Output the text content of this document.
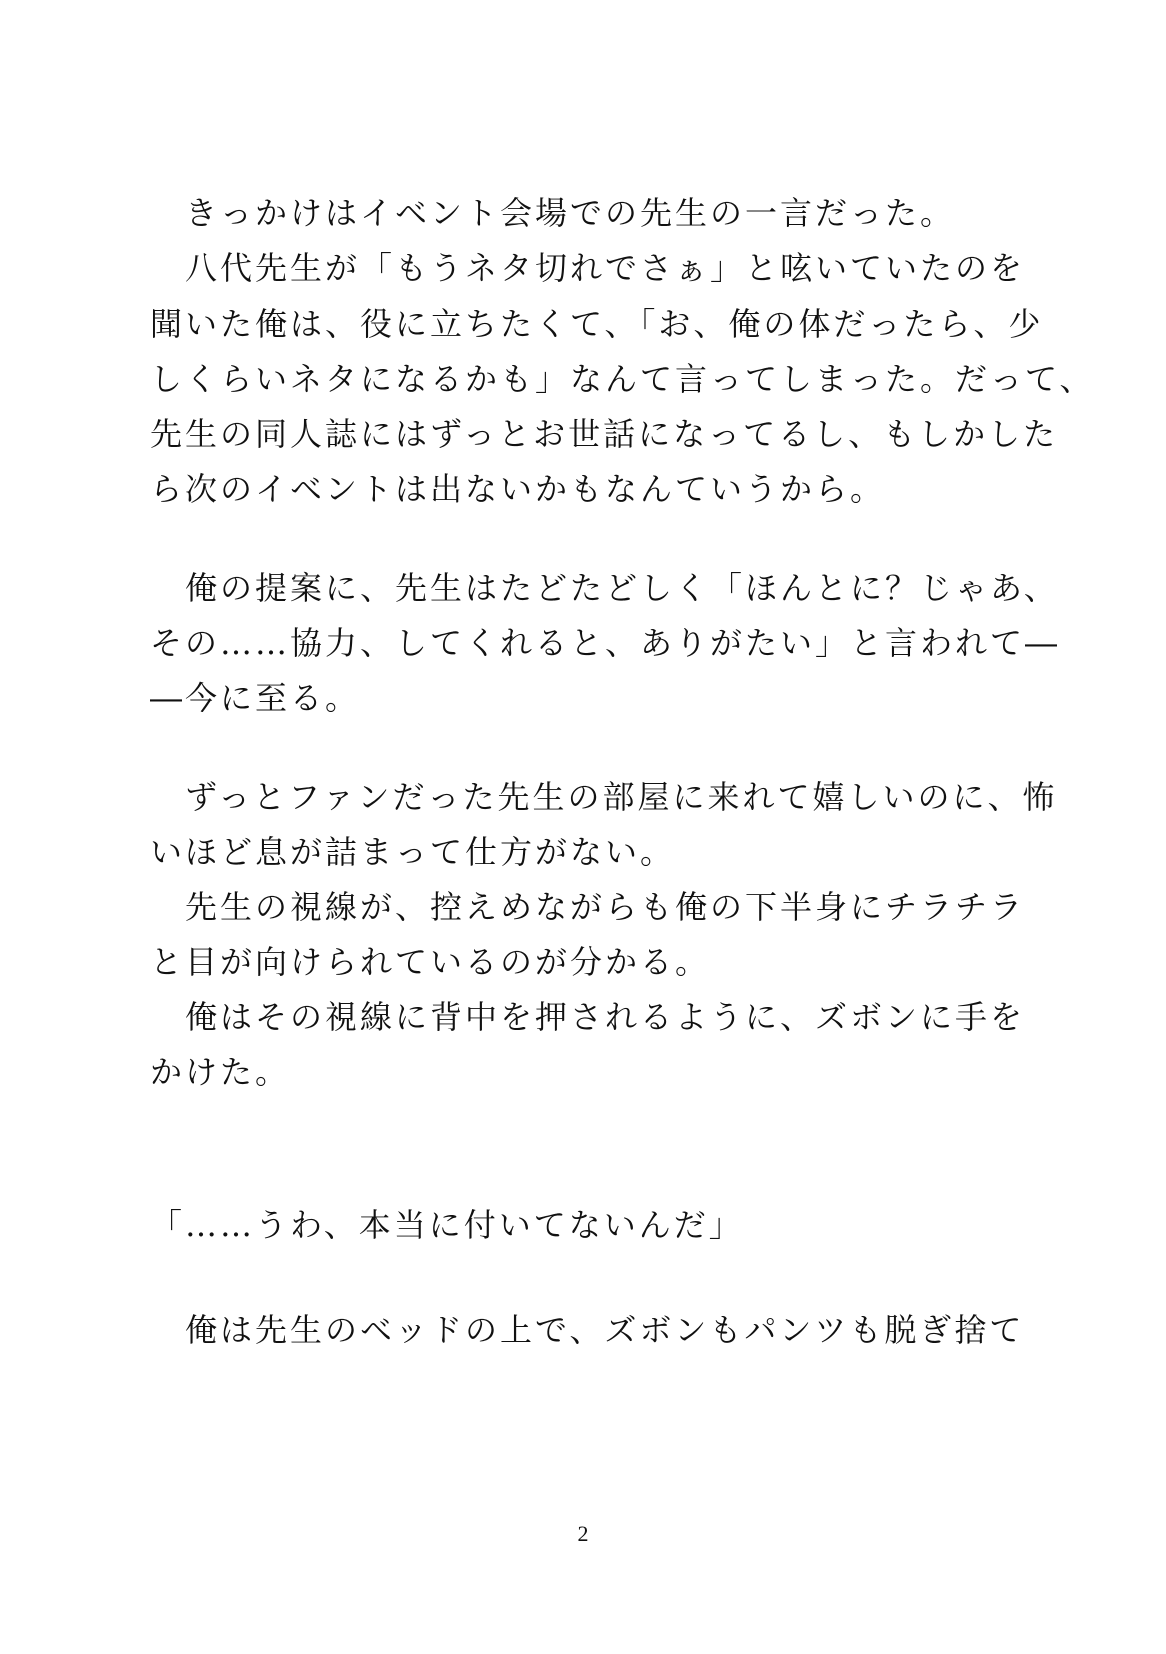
　きっかけはイベント会場での先生の一言だった。

　八代先生が「もうネタ切れでさぁ」と呟いていたのを

聞いた俺は、役に立ちたくて、「お、俺の体だったら、少

しくらいネタになるかも」なんて言ってしまった。だって、

先生の同人誌にはずっとお世話になってるし、もしかした

ら次のイベントは出ないかもなんていうから。

　俺の提案に、先生はたどたどしく「ほんとに？じゃあ、

その……協力、してくれると、ありがたい」と言われて―

―今に至る。

　ずっとファンだった先生の部屋に来れて嬉しいのに、怖

いほど息が詰まって仕方がない。

　先生の視線が、控えめながらも俺の下半身にチラチラ

と目が向けられているのが分かる。

　俺はその視線に背中を押されるように、ズボンに手を

かけた。

「……うわ、本当に付いてないんだ」

　俺は先生のベッドの上で、ズボンもパンツも脱ぎ捨て

2
